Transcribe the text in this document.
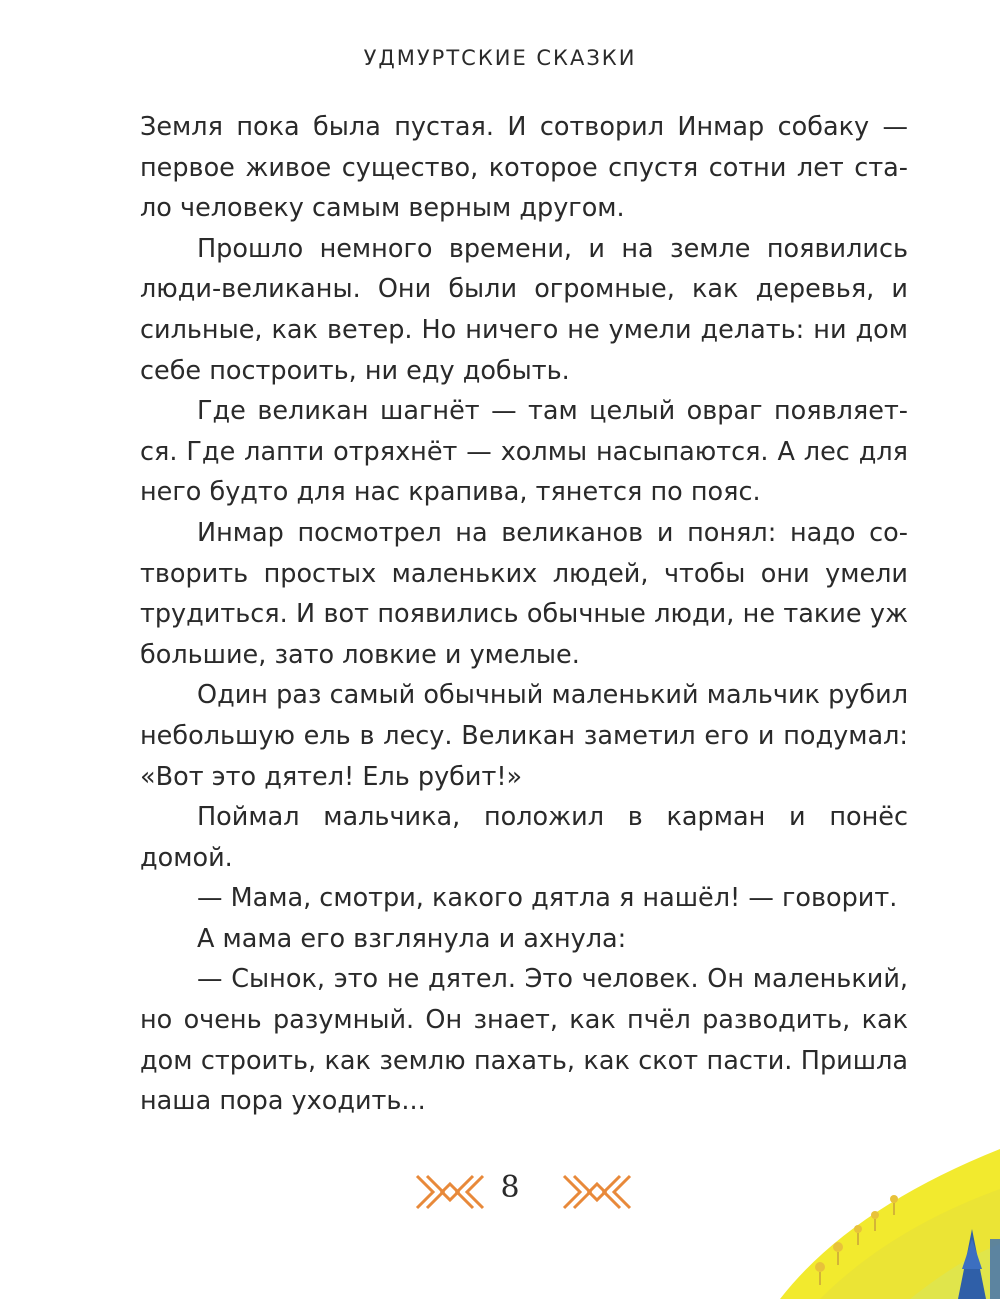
УДМУРТСКИЕ СКАЗКИ

Земля пока была пустая. И сотворил Инмар собаку — первое живое существо, которое спустя сотни лет стало человеку самым верным другом.

Прошло немного времени, и на земле появились люди-великаны. Они были огромные, как деревья, и сильные, как ветер. Но ничего не умели делать: ни дом себе построить, ни еду добыть.

Где великан шагнёт — там целый овраг появляется. Где лапти отряхнёт — холмы насыпаются. А лес для него будто для нас крапива, тянется по пояс.

Инмар посмотрел на великанов и понял: надо сотворить простых маленьких людей, чтобы они умели трудиться. И вот появились обычные люди, не такие уж большие, зато ловкие и умелые.

Один раз самый обычный маленький мальчик рубил небольшую ель в лесу. Великан заметил его и подумал: «Вот это дятел! Ель рубит!»

Поймал мальчика, положил в карман и понёс домой.

— Мама, смотри, какого дятла я нашёл! — говорит.

А мама его взглянула и ахнула:

— Сынок, это не дятел. Это человек. Он маленький, но очень разумный. Он знает, как пчёл разводить, как дом строить, как землю пахать, как скот пасти. Пришла наша пора уходить...

8
